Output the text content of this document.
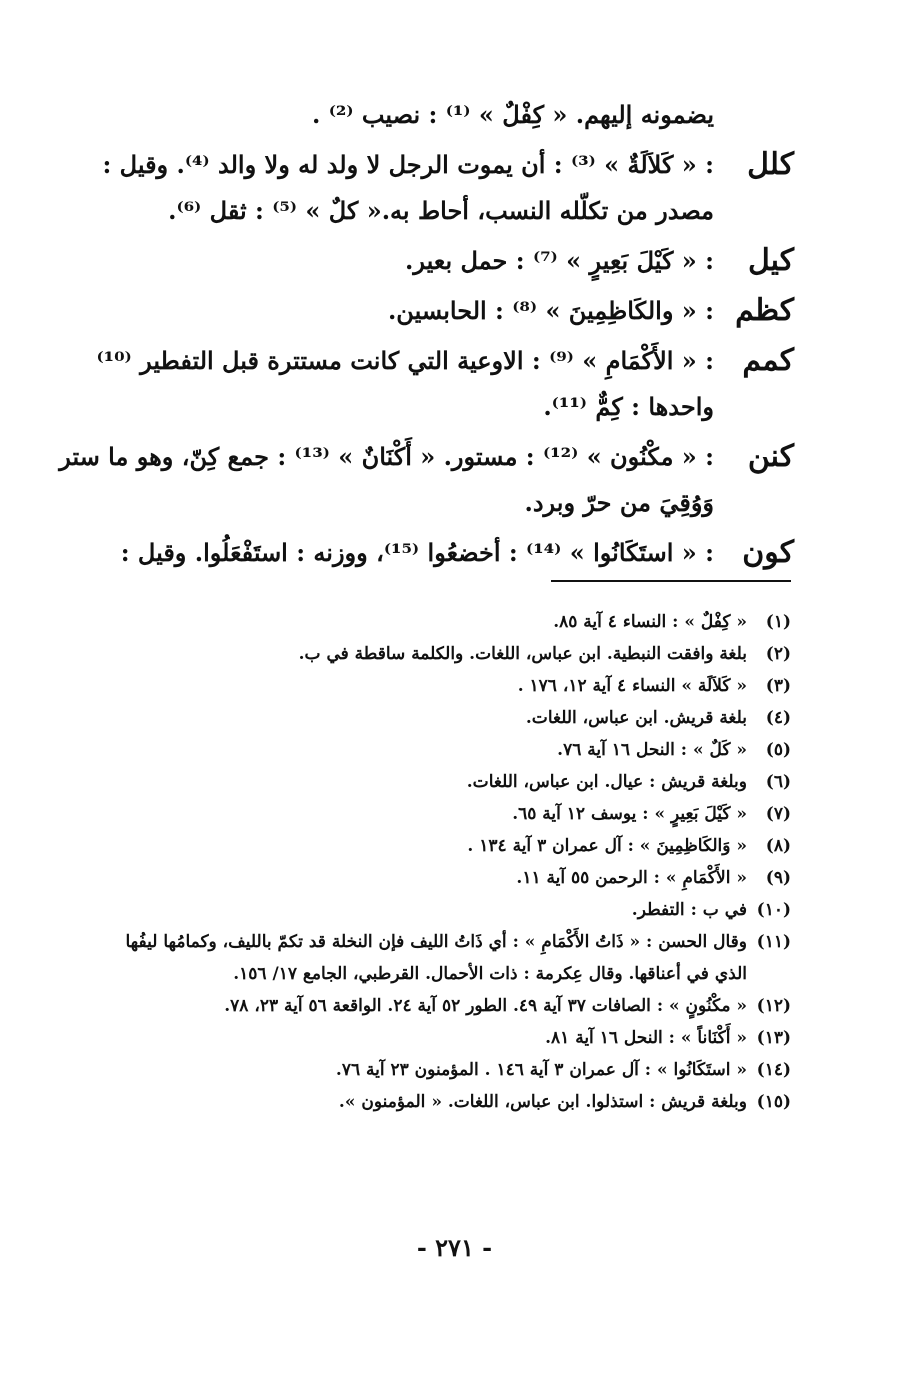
يضمونه إليهم. « كِفْلٌ » ⁽¹⁾ : نصيب ⁽²⁾ .
كلل
: « كَلاَلَةٌ » ⁽³⁾ : أن يموت الرجل لا ولد له ولا والد ⁽⁴⁾. وقيل :
مصدر من تكلّله النسب، أحاط به.« كلٌ » ⁽⁵⁾ : ثقل ⁽⁶⁾.
كيل
: « كَيْلَ بَعِيرٍ » ⁽⁷⁾ : حمل بعير.
كظم
: « والكَاظِمِينَ » ⁽⁸⁾ : الحابسين.
كمم
: « الأَكْمَامِ » ⁽⁹⁾ : الاوعية التي كانت مستترة قبل التفطير ⁽¹⁰⁾
واحدها : كِمٌّ ⁽¹¹⁾.
كنن
: « مكْنُون » ⁽¹²⁾ : مستور. « أَكْنَانٌ » ⁽¹³⁾ : جمع كِنّ، وهو ما ستر
وَوُقِيَ من حرّ وبرد.
كون
: « استَكَانُوا » ⁽¹⁴⁾ : أخضعُوا ⁽¹⁵⁾، ووزنه : استَفْعَلُوا. وقيل :
(١)
« كِفْلٌ » : النساء ٤ آية ٨٥.
(٢)
بلغة وافقت النبطية. ابن عباس، اللغات. والكلمة ساقطة في ب.
(٣)
« كَلاَلَة » النساء ٤ آية ١٢، ١٧٦ .
(٤)
بلغة قريش. ابن عباس، اللغات.
(٥)
« كَلٌ » : النحل ١٦ آية ٧٦.
(٦)
وبلغة قريش : عيال. ابن عباس، اللغات.
(٧)
« كَيْلَ بَعِيرٍ » : يوسف ١٢ آية ٦٥.
(٨)
« وَالكَاظِمِينَ » : آل عمران ٣ آية ١٣٤ .
(٩)
« الأَكْمَامِ » : الرحمن ٥٥ آية ١١.
(١٠)
في ب : التفطر.
(١١)
وقال الحسن : « ذَاتُ الأَكْمَامِ » : أي ذَاتُ الليف فإن النخلة قد تكمّ بالليف، وكمامُها ليفُها
الذي في أعناقها. وقال عِكرمة : ذات الأحمال. القرطبي، الجامع ١٧/ ١٥٦.
(١٢)
« مكْنُونٍ » : الصافات ٣٧ آية ٤٩. الطور ٥٢ آية ٢٤. الواقعة ٥٦ آية ٢٣، ٧٨.
(١٣)
« أَكْنَاناً » : النحل ١٦ آية ٨١.
(١٤)
« استَكَانُوا » : آل عمران ٣ آية ١٤٦ . المؤمنون ٢٣ آية ٧٦.
(١٥)
وبلغة قريش : استذلوا. ابن عباس، اللغات. « المؤمنون ».
- ٢٧١ -
